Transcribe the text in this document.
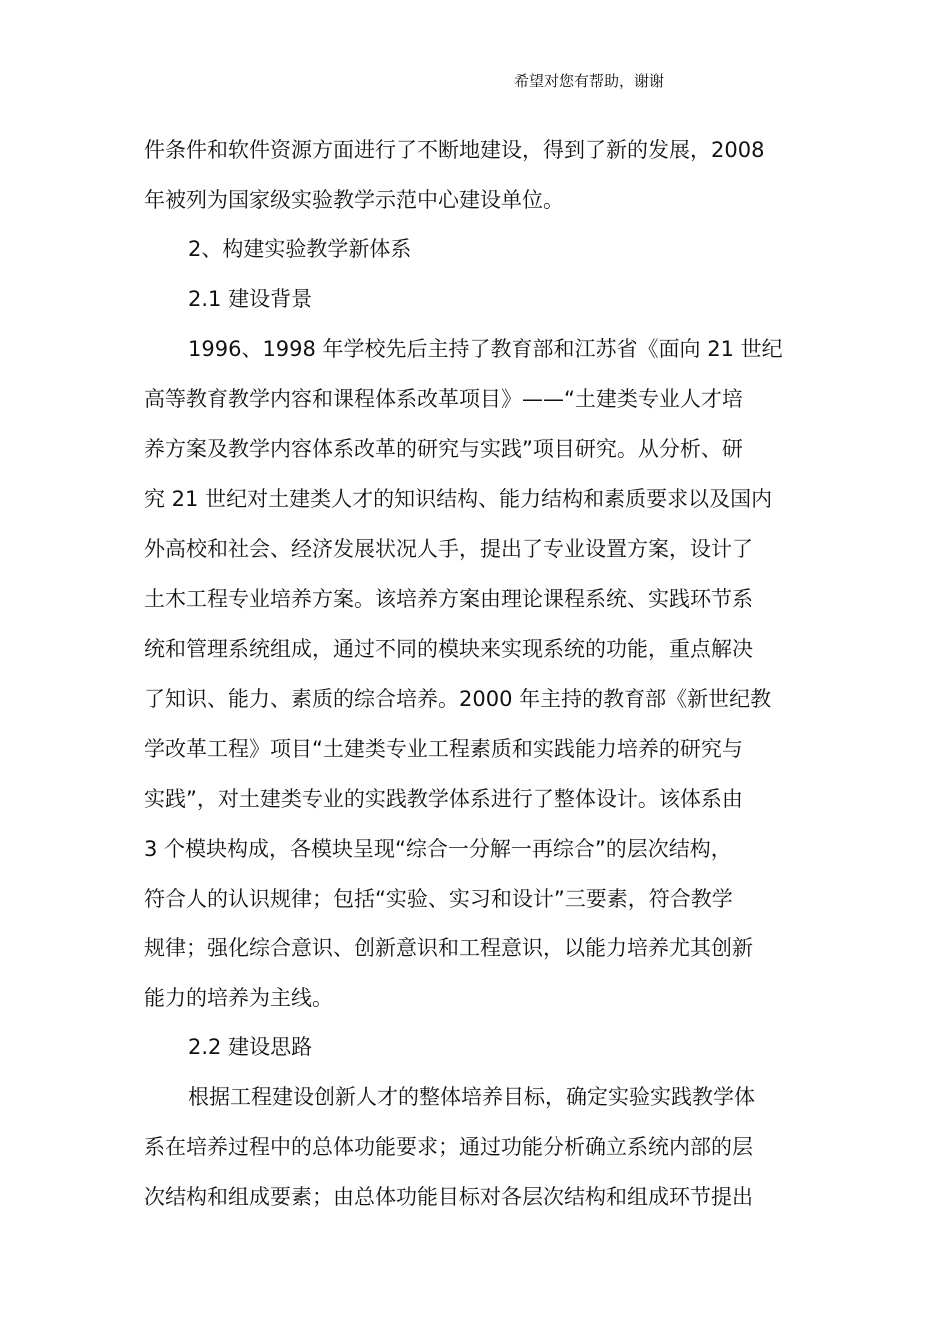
希望对您有帮助，谢谢
件条件和软件资源方面进行了不断地建设，得到了新的发展，2008
年被列为国家级实验教学示范中心建设单位。
2、构建实验教学新体系
2.1 建设背景
1996、1998 年学校先后主持了教育部和江苏省《面向 21 世纪
高等教育教学内容和课程体系改革项目》——“土建类专业人才培
养方案及教学内容体系改革的研究与实践”项目研究。从分析、研
究 21 世纪对土建类人才的知识结构、能力结构和素质要求以及国内
外高校和社会、经济发展状况人手，提出了专业设置方案，设计了
土木工程专业培养方案。该培养方案由理论课程系统、实践环节系
统和管理系统组成，通过不同的模块来实现系统的功能，重点解决
了知识、能力、素质的综合培养。2000 年主持的教育部《新世纪教
学改革工程》项目“土建类专业工程素质和实践能力培养的研究与
实践”，对土建类专业的实践教学体系进行了整体设计。该体系由
3 个模块构成，各模块呈现“综合一分解一再综合”的层次结构，
符合人的认识规律；包括“实验、实习和设计”三要素，符合教学
规律；强化综合意识、创新意识和工程意识，以能力培养尤其创新
能力的培养为主线。
2.2 建设思路
根据工程建设创新人才的整体培养目标，确定实验实践教学体
系在培养过程中的总体功能要求；通过功能分析确立系统内部的层
次结构和组成要素；由总体功能目标对各层次结构和组成环节提出
